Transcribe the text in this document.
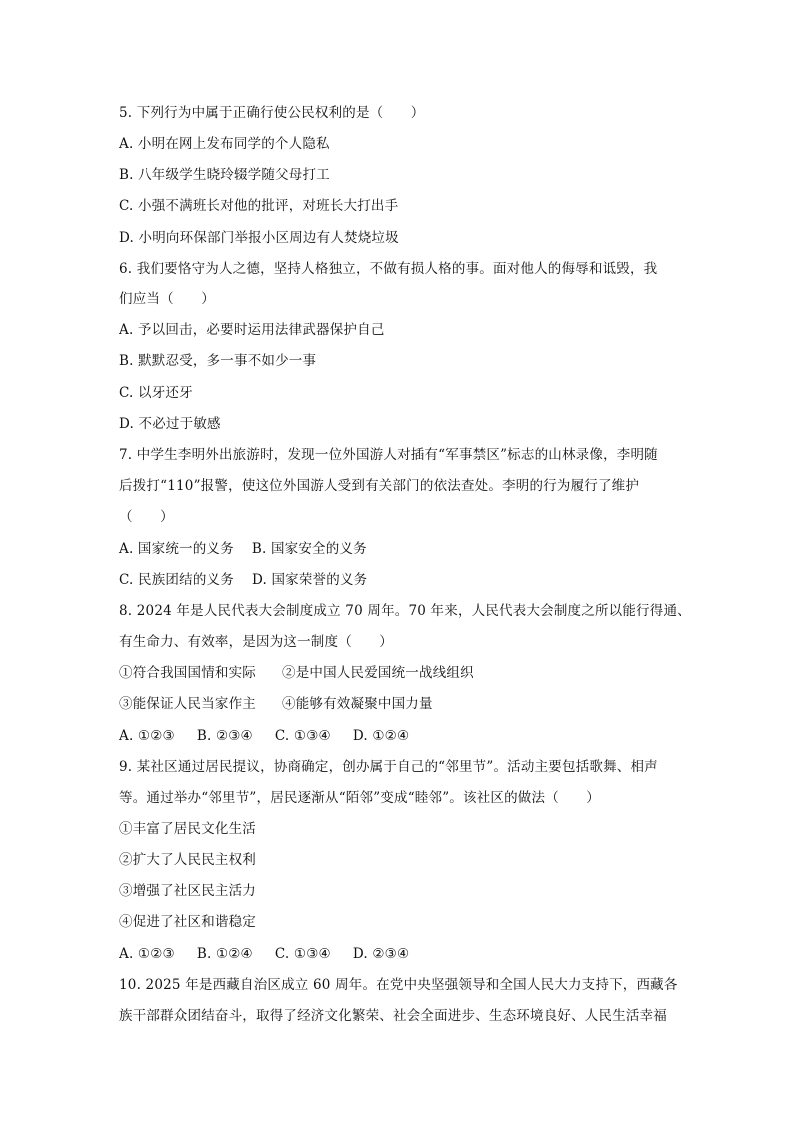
5. 下列行为中属于正确行使公民权利的是（　　）
A. 小明在网上发布同学的个人隐私
B. 八年级学生晓玲辍学随父母打工
C. 小强不满班长对他的批评，对班长大打出手
D. 小明向环保部门举报小区周边有人焚烧垃圾
6. 我们要恪守为人之德，坚持人格独立，不做有损人格的事。面对他人的侮辱和诋毁，我
们应当（　　）
A. 予以回击，必要时运用法律武器保护自己
B. 默默忍受，多一事不如少一事
C. 以牙还牙
D. 不必过于敏感
7. 中学生李明外出旅游时，发现一位外国游人对插有“军事禁区”标志的山林录像，李明随
后拨打“110”报警，使这位外国游人受到有关部门的依法查处。李明的行为履行了维护
（　　）
A. 国家统一的义务 B. 国家安全的义务
C. 民族团结的义务 D. 国家荣誉的义务
8. 2024 年是人民代表大会制度成立 70 周年。70 年来，人民代表大会制度之所以能行得通、
有生命力、有效率，是因为这一制度（　　）
①符合我国国情和实际 ②是中国人民爱国统一战线组织
③能保证人民当家作主 ④能够有效凝聚中国力量
A. ①②③ B. ②③④ C. ①③④ D. ①②④
9. 某社区通过居民提议，协商确定，创办属于自己的“邻里节”。活动主要包括歌舞、相声
等。通过举办“邻里节”，居民逐渐从“陌邻”变成“睦邻”。该社区的做法（　　）
①丰富了居民文化生活
②扩大了人民民主权利
③增强了社区民主活力
④促进了社区和谐稳定
A. ①②③ B. ①②④ C. ①③④ D. ②③④
10. 2025 年是西藏自治区成立 60 周年。在党中央坚强领导和全国人民大力支持下，西藏各
族干部群众团结奋斗，取得了经济文化繁荣、社会全面进步、生态环境良好、人民生活幸福
